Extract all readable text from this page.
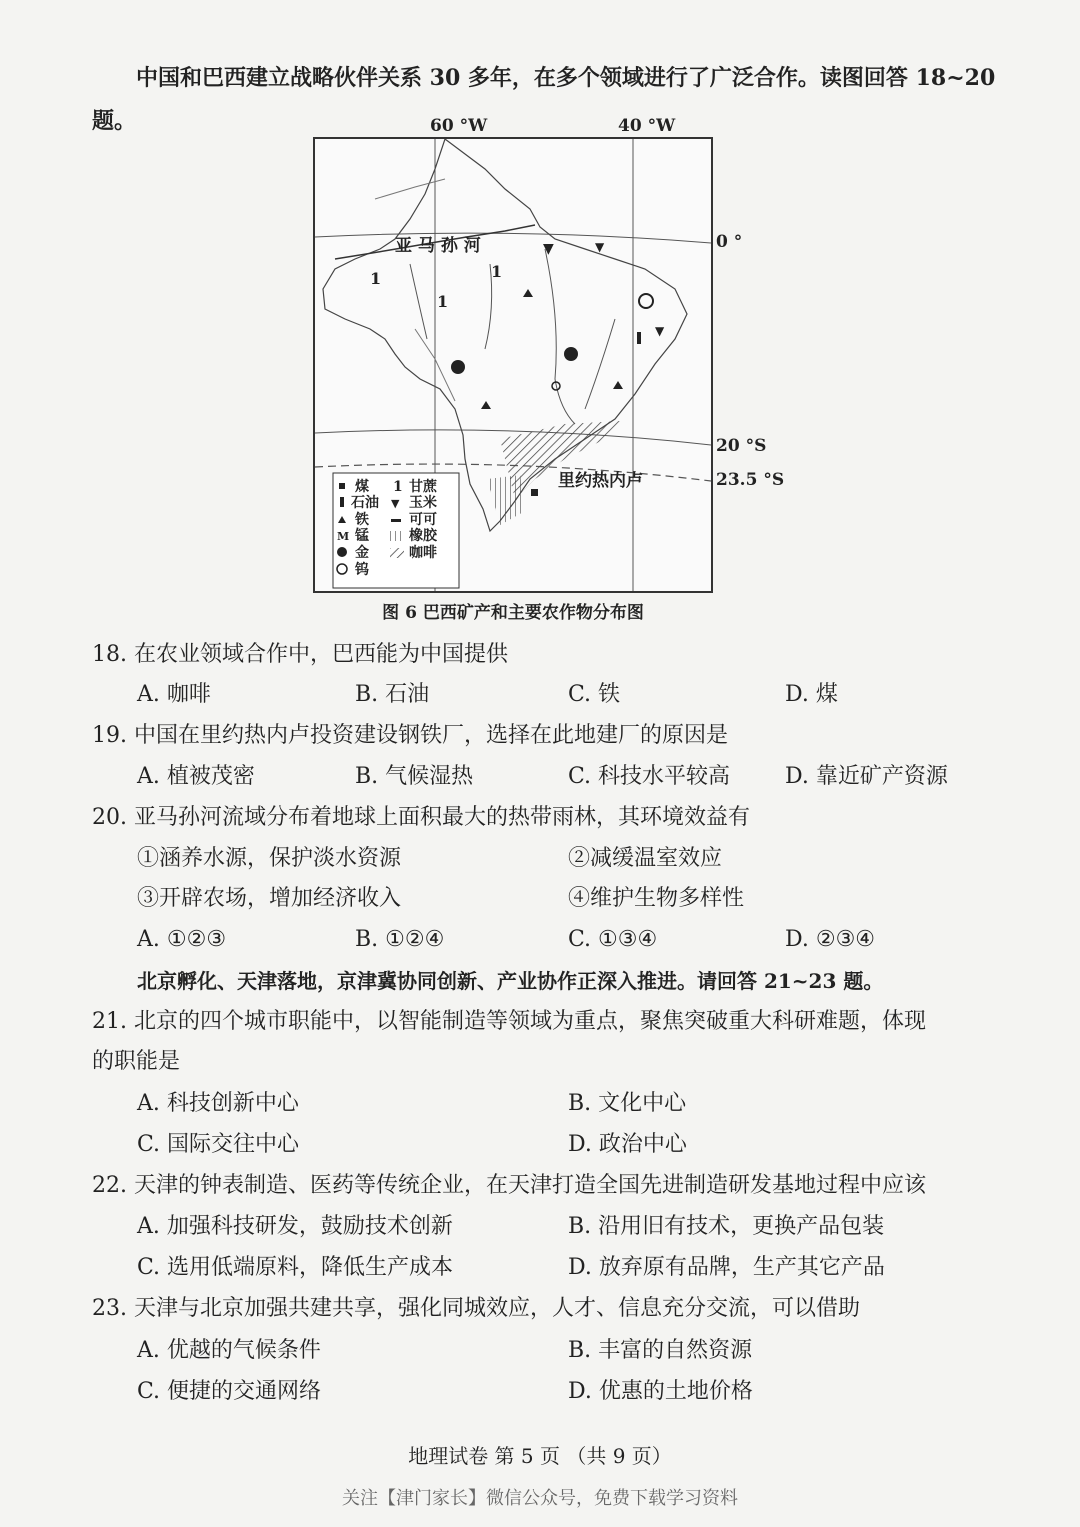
中国和巴西建立战略伙伴关系 30 多年，在多个领域进行了广泛合作。读图回答 18~20
题。	60 °W	40 °W
0 °
20 °S
23.5 °S
亚 马 孙 河
1
1
1
▼	▼
▼
里约热内卢
煤
石油
铁
M 锰
金
钨
1 甘蔗
▼ 玉米
可可
橡胶
咖啡
图 6 巴西矿产和主要农作物分布图
18. 在农业领域合作中，巴西能为中国提供
A. 咖啡	B. 石油	C. 铁	D. 煤
19. 中国在里约热内卢投资建设钢铁厂，选择在此地建厂的原因是
A. 植被茂密	B. 气候湿热	C. 科技水平较高 D. 靠近矿产资源
20. 亚马孙河流域分布着地球上面积最大的热带雨林，其环境效益有
①涵养水源，保护淡水资源	②减缓温室效应
③开辟农场，增加经济收入	④维护生物多样性
A. ①②③	B. ①②④	C. ①③④	D. ②③④
北京孵化、天津落地，京津冀协同创新、产业协作正深入推进。请回答 21~23 题。
21. 北京的四个城市职能中，以智能制造等领域为重点，聚焦突破重大科研难题，体现
的职能是
A. 科技创新中心	B. 文化中心
C. 国际交往中心	D. 政治中心
22. 天津的钟表制造、医药等传统企业，在天津打造全国先进制造研发基地过程中应该
A. 加强科技研发，鼓励技术创新	B. 沿用旧有技术，更换产品包装
C. 选用低端原料，降低生产成本	D. 放弃原有品牌，生产其它产品
23. 天津与北京加强共建共享，强化同城效应，人才、信息充分交流，可以借助
A. 优越的气候条件	B. 丰富的自然资源
C. 便捷的交通网络	D. 优惠的土地价格
地理试卷 第 5 页 （共 9 页）
关注【津门家长】微信公众号，免费下载学习资料
